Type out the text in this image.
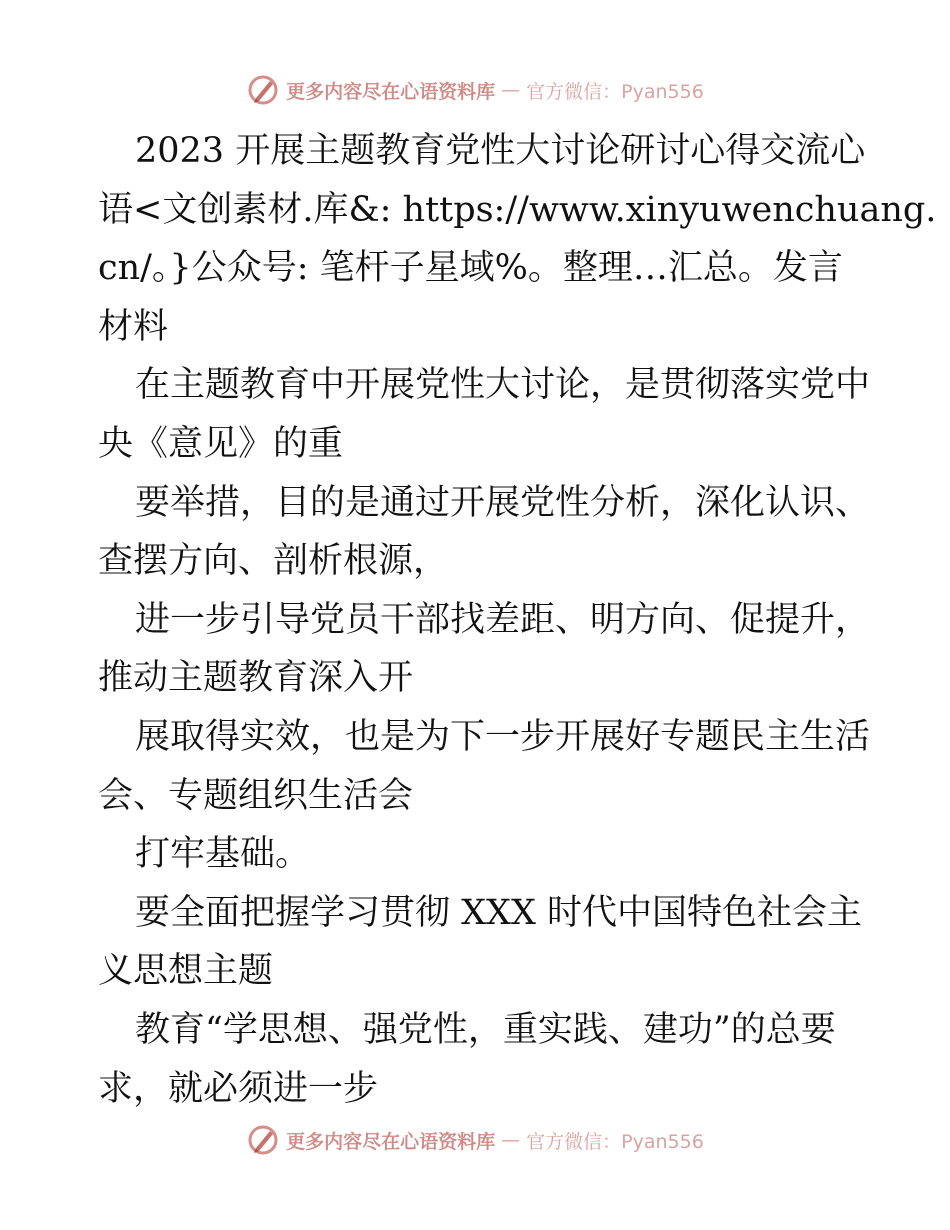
更多内容尽在心语资料库 — 官方微信：Pyan556

2023 开展主题教育党性大讨论研讨心得交流心

语<文创素材.库&: https://www.xinyuwenchuang.

cn/。}公众号: 笔杆子星域%。整理…汇总。发言

材料

在主题教育中开展党性大讨论，是贯彻落实党中

央《意见》的重

要举措，目的是通过开展党性分析，深化认识、

查摆方向、剖析根源，

进一步引导党员干部找差距、明方向、促提升，

推动主题教育深入开

展取得实效，也是为下一步开展好专题民主生活

会、专题组织生活会

打牢基础。

要全面把握学习贯彻 XXX 时代中国特色社会主

义思想主题

教育“学思想、强党性，重实践、建功”的总要

求，就必须进一步

更多内容尽在心语资料库 — 官方微信：Pyan556
